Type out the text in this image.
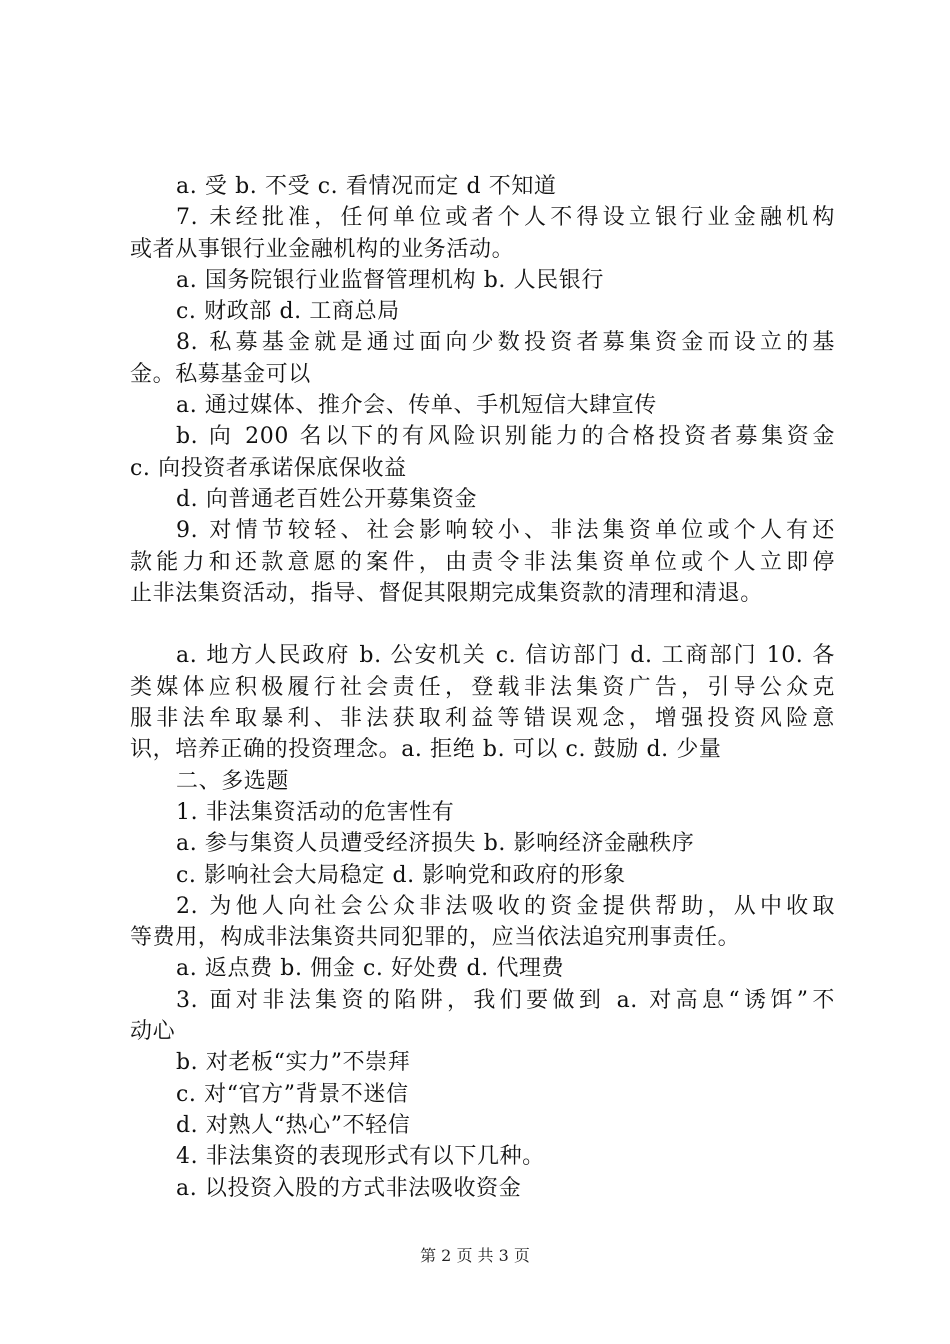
a. 受 b. 不受 c. 看情况而定 d 不知道
7. 未经批准，任何单位或者个人不得设立银行业金融机构
或者从事银行业金融机构的业务活动。
a. 国务院银行业监督管理机构 b. 人民银行
c. 财政部 d. 工商总局
8. 私募基金就是通过面向少数投资者募集资金而设立的基
金。私募基金可以
a. 通过媒体、推介会、传单、手机短信大肆宣传
b. 向 200 名以下的有风险识别能力的合格投资者募集资金
c. 向投资者承诺保底保收益
d. 向普通老百姓公开募集资金
9. 对情节较轻、社会影响较小、非法集资单位或个人有还
款能力和还款意愿的案件，由责令非法集资单位或个人立即停
止非法集资活动，指导、督促其限期完成集资款的清理和清退。
a. 地方人民政府 b. 公安机关 c. 信访部门 d. 工商部门 10. 各
类媒体应积极履行社会责任，登载非法集资广告，引导公众克
服非法牟取暴利、非法获取利益等错误观念，增强投资风险意
识，培养正确的投资理念。a. 拒绝 b. 可以 c. 鼓励 d. 少量
二、多选题
1. 非法集资活动的危害性有
a. 参与集资人员遭受经济损失 b. 影响经济金融秩序
c. 影响社会大局稳定 d. 影响党和政府的形象
2. 为他人向社会公众非法吸收的资金提供帮助，从中收取
等费用，构成非法集资共同犯罪的，应当依法追究刑事责任。
a. 返点费 b. 佣金 c. 好处费 d. 代理费
3. 面对非法集资的陷阱，我们要做到 a. 对高息“诱饵”不
动心
b. 对老板“实力”不崇拜
c. 对“官方”背景不迷信
d. 对熟人“热心”不轻信
4. 非法集资的表现形式有以下几种。
a. 以投资入股的方式非法吸收资金
第 2 页 共 3 页
